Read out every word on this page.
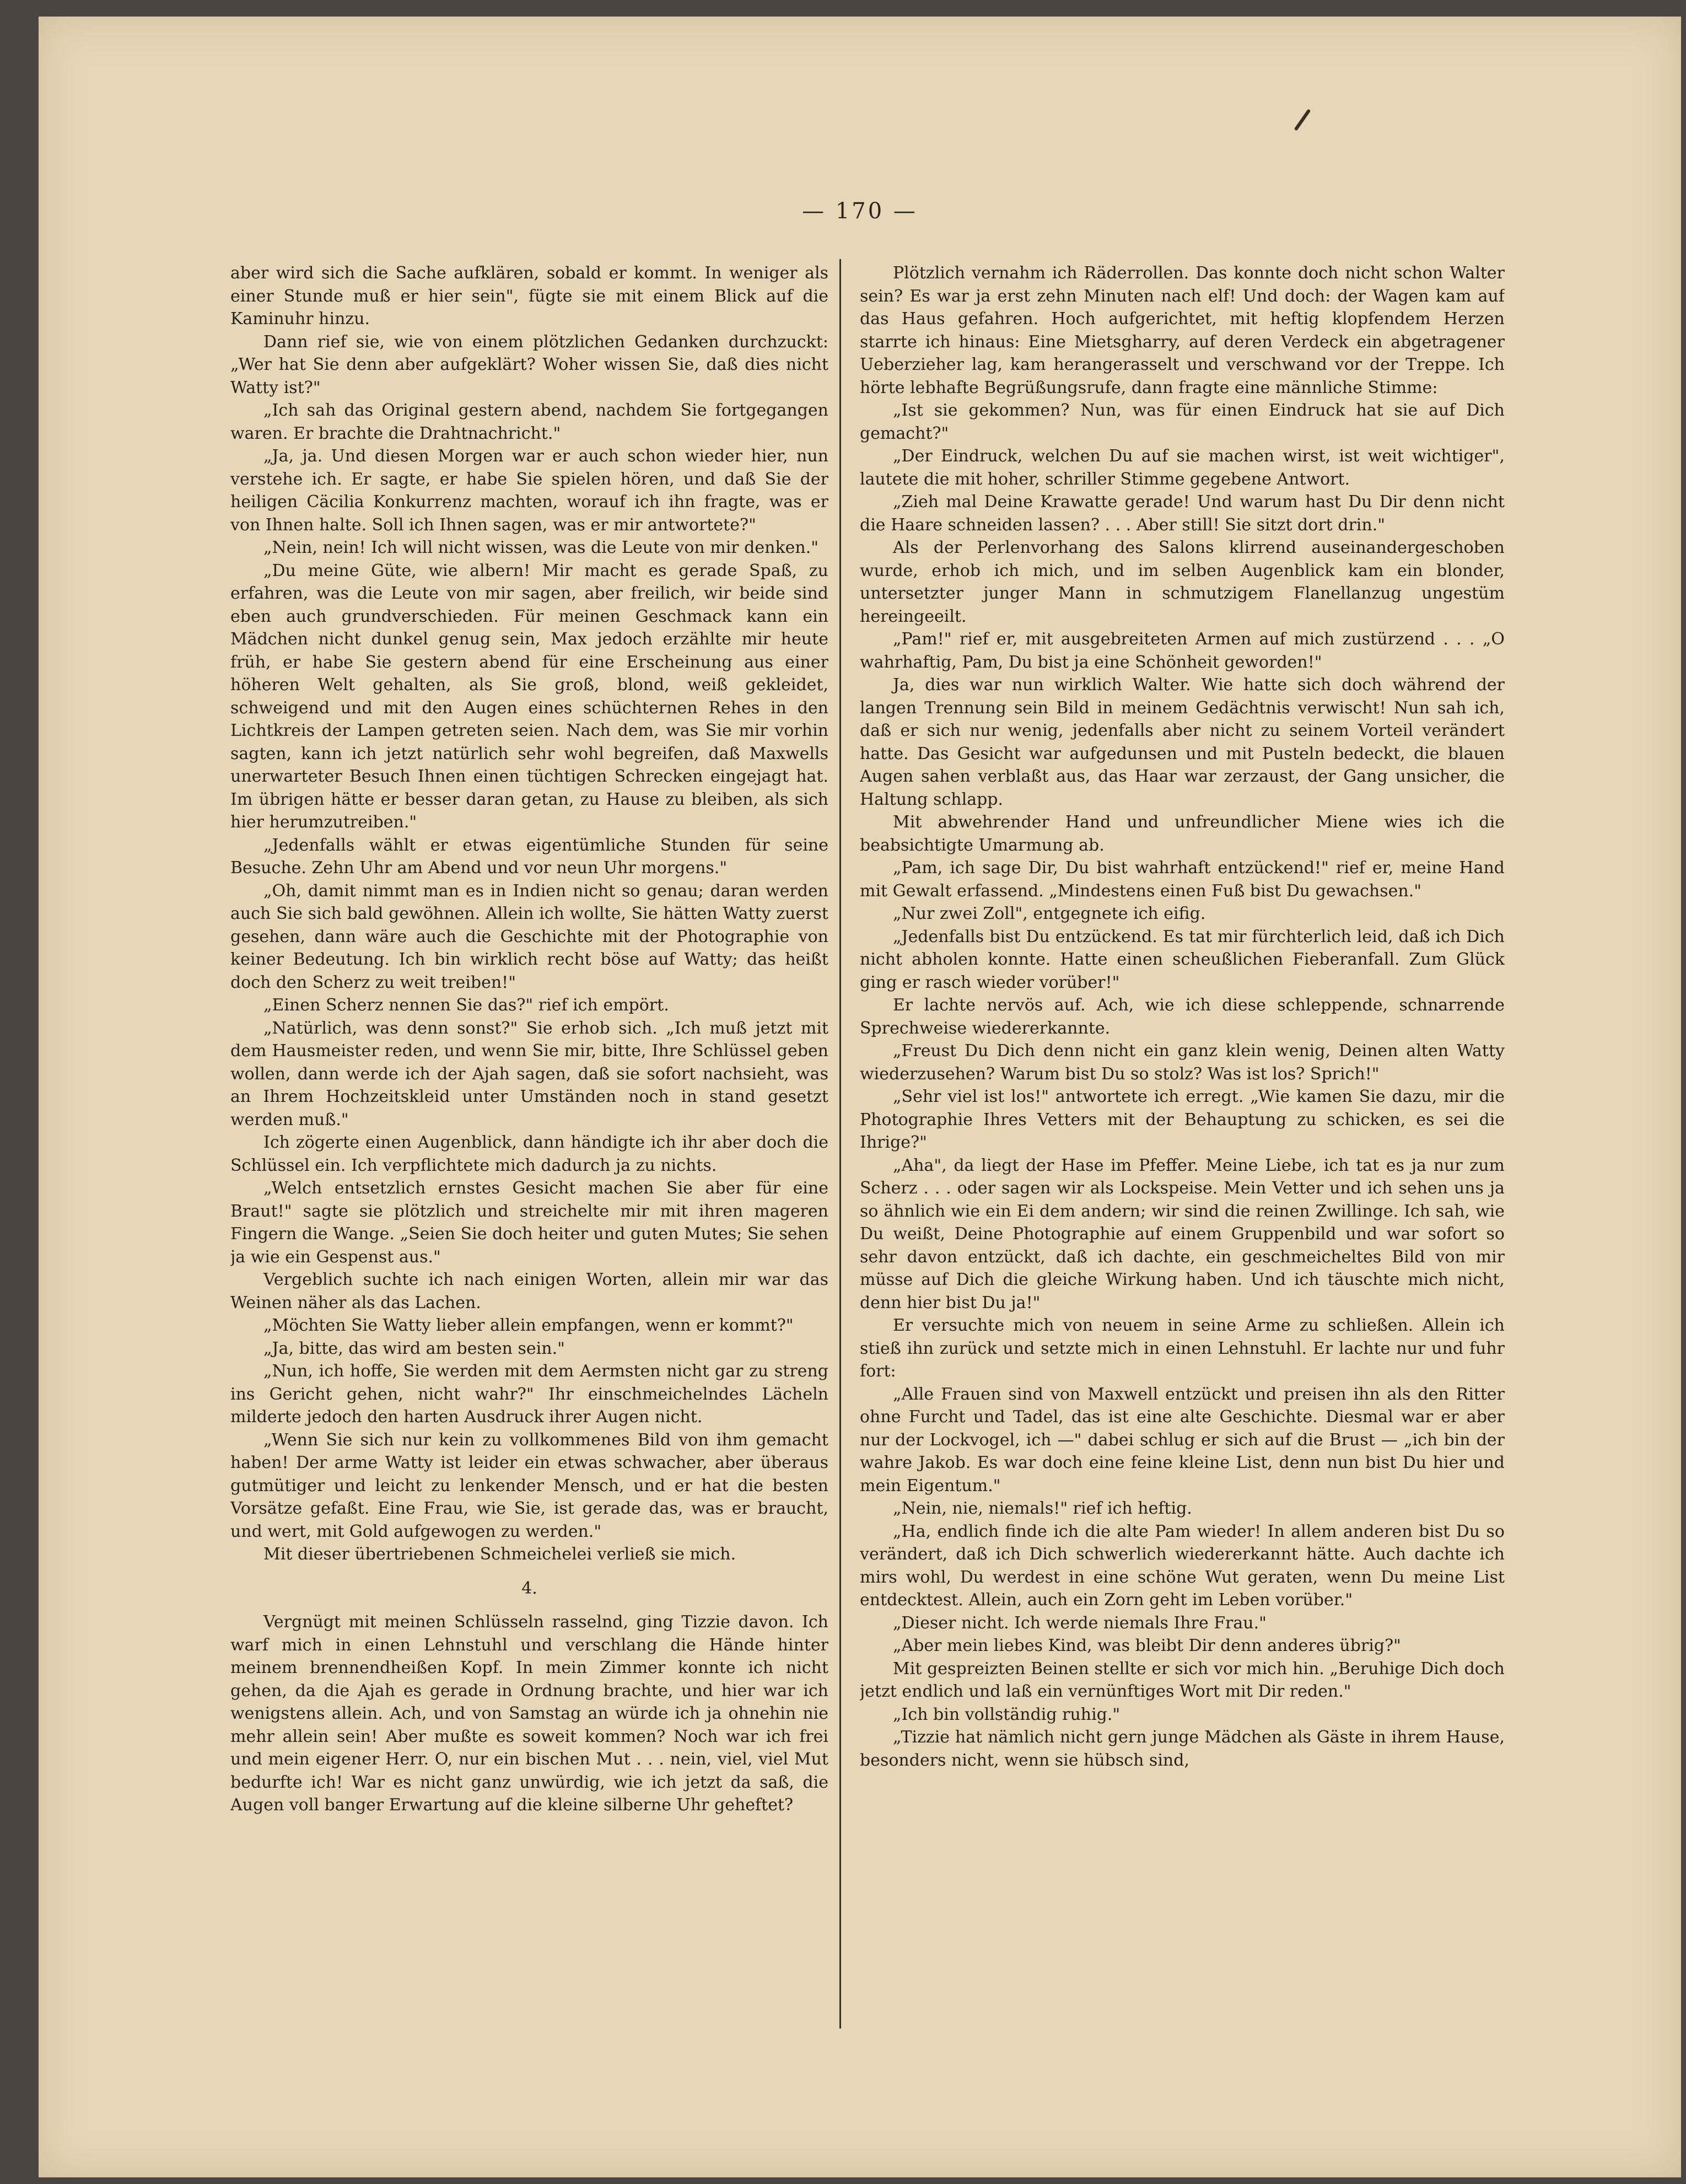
— 170 —

aber wird sich die Sache aufklären, sobald er kommt. In weniger als einer Stunde muß er hier sein", fügte sie mit einem Blick auf die Kaminuhr hinzu.

Dann rief sie, wie von einem plötzlichen Gedanken durchzuckt: „Wer hat Sie denn aber aufgeklärt? Woher wissen Sie, daß dies nicht Watty ist?"

„Ich sah das Original gestern abend, nachdem Sie fortgegangen waren. Er brachte die Drahtnachricht."

„Ja, ja. Und diesen Morgen war er auch schon wieder hier, nun verstehe ich. Er sagte, er habe Sie spielen hören, und daß Sie der heiligen Cäcilia Konkurrenz machten, worauf ich ihn fragte, was er von Ihnen halte. Soll ich Ihnen sagen, was er mir antwortete?"

„Nein, nein! Ich will nicht wissen, was die Leute von mir denken."

„Du meine Güte, wie albern! Mir macht es gerade Spaß, zu erfahren, was die Leute von mir sagen, aber freilich, wir beide sind eben auch grundverschieden. Für meinen Geschmack kann ein Mädchen nicht dunkel genug sein, Max jedoch erzählte mir heute früh, er habe Sie gestern abend für eine Erscheinung aus einer höheren Welt gehalten, als Sie groß, blond, weiß gekleidet, schweigend und mit den Augen eines schüchternen Rehes in den Lichtkreis der Lampen getreten seien. Nach dem, was Sie mir vorhin sagten, kann ich jetzt natürlich sehr wohl begreifen, daß Maxwells unerwarteter Besuch Ihnen einen tüchtigen Schrecken eingejagt hat. Im übrigen hätte er besser daran getan, zu Hause zu bleiben, als sich hier herumzutreiben."

„Jedenfalls wählt er etwas eigentümliche Stunden für seine Besuche. Zehn Uhr am Abend und vor neun Uhr morgens."

„Oh, damit nimmt man es in Indien nicht so genau; daran werden auch Sie sich bald gewöhnen. Allein ich wollte, Sie hätten Watty zuerst gesehen, dann wäre auch die Geschichte mit der Photographie von keiner Bedeutung. Ich bin wirklich recht böse auf Watty; das heißt doch den Scherz zu weit treiben!"

„Einen Scherz nennen Sie das?" rief ich empört.

„Natürlich, was denn sonst?" Sie erhob sich. „Ich muß jetzt mit dem Hausmeister reden, und wenn Sie mir, bitte, Ihre Schlüssel geben wollen, dann werde ich der Ajah sagen, daß sie sofort nachsieht, was an Ihrem Hochzeitskleid unter Umständen noch in stand gesetzt werden muß."

Ich zögerte einen Augenblick, dann händigte ich ihr aber doch die Schlüssel ein. Ich verpflichtete mich dadurch ja zu nichts.

„Welch entsetzlich ernstes Gesicht machen Sie aber für eine Braut!" sagte sie plötzlich und streichelte mir mit ihren mageren Fingern die Wange. „Seien Sie doch heiter und guten Mutes; Sie sehen ja wie ein Gespenst aus."

Vergeblich suchte ich nach einigen Worten, allein mir war das Weinen näher als das Lachen.

„Möchten Sie Watty lieber allein empfangen, wenn er kommt?"

„Ja, bitte, das wird am besten sein."

„Nun, ich hoffe, Sie werden mit dem Aermsten nicht gar zu streng ins Gericht gehen, nicht wahr?" Ihr einschmeichelndes Lächeln milderte jedoch den harten Ausdruck ihrer Augen nicht.

„Wenn Sie sich nur kein zu vollkommenes Bild von ihm gemacht haben! Der arme Watty ist leider ein etwas schwacher, aber überaus gutmütiger und leicht zu lenkender Mensch, und er hat die besten Vorsätze gefaßt. Eine Frau, wie Sie, ist gerade das, was er braucht, und wert, mit Gold aufgewogen zu werden."

Mit dieser übertriebenen Schmeichelei verließ sie mich.

4.

Vergnügt mit meinen Schlüsseln rasselnd, ging Tizzie davon. Ich warf mich in einen Lehnstuhl und verschlang die Hände hinter meinem brennendheißen Kopf. In mein Zimmer konnte ich nicht gehen, da die Ajah es gerade in Ordnung brachte, und hier war ich wenigstens allein. Ach, und von Samstag an würde ich ja ohnehin nie mehr allein sein! Aber mußte es soweit kommen? Noch war ich frei und mein eigener Herr. O, nur ein bischen Mut . . . nein, viel, viel Mut bedurfte ich! War es nicht ganz unwürdig, wie ich jetzt da saß, die Augen voll banger Erwartung auf die kleine silberne Uhr geheftet?

Plötzlich vernahm ich Räderrollen. Das konnte doch nicht schon Walter sein? Es war ja erst zehn Minuten nach elf! Und doch: der Wagen kam auf das Haus gefahren. Hoch aufgerichtet, mit heftig klopfendem Herzen starrte ich hinaus: Eine Mietsgharry, auf deren Verdeck ein abgetragener Ueberzieher lag, kam herangerasselt und verschwand vor der Treppe. Ich hörte lebhafte Begrüßungsrufe, dann fragte eine männliche Stimme:

„Ist sie gekommen? Nun, was für einen Eindruck hat sie auf Dich gemacht?"

„Der Eindruck, welchen Du auf sie machen wirst, ist weit wichtiger", lautete die mit hoher, schriller Stimme gegebene Antwort.

„Zieh mal Deine Krawatte gerade! Und warum hast Du Dir denn nicht die Haare schneiden lassen? . . . Aber still! Sie sitzt dort drin."

Als der Perlenvorhang des Salons klirrend auseinandergeschoben wurde, erhob ich mich, und im selben Augenblick kam ein blonder, untersetzter junger Mann in schmutzigem Flanellanzug ungestüm hereingeeilt.

„Pam!" rief er, mit ausgebreiteten Armen auf mich zustürzend . . . „O wahrhaftig, Pam, Du bist ja eine Schönheit geworden!"

Ja, dies war nun wirklich Walter. Wie hatte sich doch während der langen Trennung sein Bild in meinem Gedächtnis verwischt! Nun sah ich, daß er sich nur wenig, jedenfalls aber nicht zu seinem Vorteil verändert hatte. Das Gesicht war aufgedunsen und mit Pusteln bedeckt, die blauen Augen sahen verblaßt aus, das Haar war zerzaust, der Gang unsicher, die Haltung schlapp.

Mit abwehrender Hand und unfreundlicher Miene wies ich die beabsichtigte Umarmung ab.

„Pam, ich sage Dir, Du bist wahrhaft entzückend!" rief er, meine Hand mit Gewalt erfassend. „Mindestens einen Fuß bist Du gewachsen."

„Nur zwei Zoll", entgegnete ich eifig.

„Jedenfalls bist Du entzückend. Es tat mir fürchterlich leid, daß ich Dich nicht abholen konnte. Hatte einen scheußlichen Fieberanfall. Zum Glück ging er rasch wieder vorüber!"

Er lachte nervös auf. Ach, wie ich diese schleppende, schnarrende Sprechweise wiedererkannte.

„Freust Du Dich denn nicht ein ganz klein wenig, Deinen alten Watty wiederzusehen? Warum bist Du so stolz? Was ist los? Sprich!"

„Sehr viel ist los!" antwortete ich erregt. „Wie kamen Sie dazu, mir die Photographie Ihres Vetters mit der Behauptung zu schicken, es sei die Ihrige?"

„Aha", da liegt der Hase im Pfeffer. Meine Liebe, ich tat es ja nur zum Scherz . . . oder sagen wir als Lockspeise. Mein Vetter und ich sehen uns ja so ähnlich wie ein Ei dem andern; wir sind die reinen Zwillinge. Ich sah, wie Du weißt, Deine Photographie auf einem Gruppenbild und war sofort so sehr davon entzückt, daß ich dachte, ein geschmeicheltes Bild von mir müsse auf Dich die gleiche Wirkung haben. Und ich täuschte mich nicht, denn hier bist Du ja!"

Er versuchte mich von neuem in seine Arme zu schließen. Allein ich stieß ihn zurück und setzte mich in einen Lehnstuhl. Er lachte nur und fuhr fort:

„Alle Frauen sind von Maxwell entzückt und preisen ihn als den Ritter ohne Furcht und Tadel, das ist eine alte Geschichte. Diesmal war er aber nur der Lockvogel, ich —" dabei schlug er sich auf die Brust — „ich bin der wahre Jakob. Es war doch eine feine kleine List, denn nun bist Du hier und mein Eigentum."

„Nein, nie, niemals!" rief ich heftig.

„Ha, endlich finde ich die alte Pam wieder! In allem anderen bist Du so verändert, daß ich Dich schwerlich wiedererkannt hätte. Auch dachte ich mirs wohl, Du werdest in eine schöne Wut geraten, wenn Du meine List entdecktest. Allein, auch ein Zorn geht im Leben vorüber."

„Dieser nicht. Ich werde niemals Ihre Frau."

„Aber mein liebes Kind, was bleibt Dir denn anderes übrig?"

Mit gespreizten Beinen stellte er sich vor mich hin. „Beruhige Dich doch jetzt endlich und laß ein vernünftiges Wort mit Dir reden."

„Ich bin vollständig ruhig."

„Tizzie hat nämlich nicht gern junge Mädchen als Gäste in ihrem Hause, besonders nicht, wenn sie hübsch sind,
